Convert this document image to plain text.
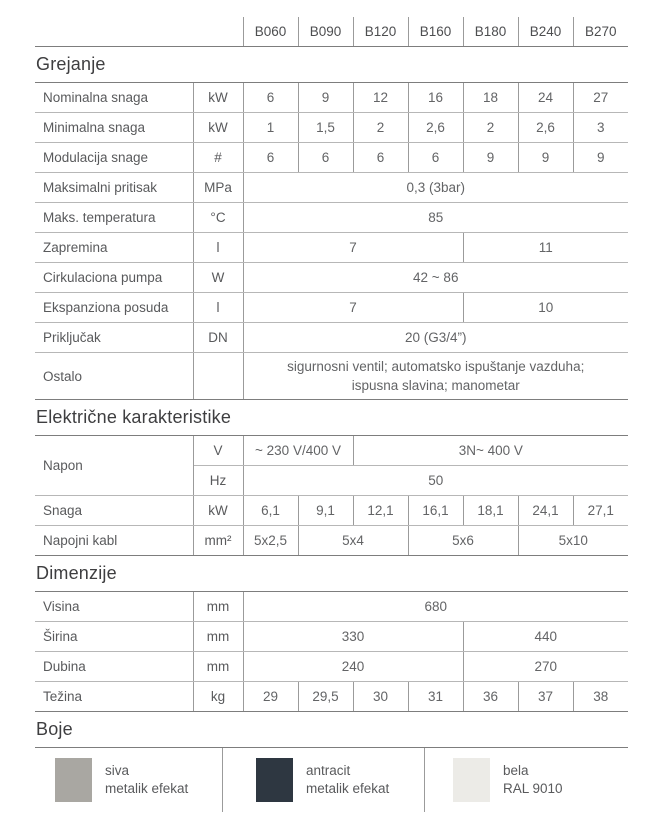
	B060	B090	B120	B160	B180	B240	B270
Grejanje
Nominalna snaga	kW	6	9	12	16	18	24	27
Minimalna snaga	kW	1	1,5	2	2,6	2	2,6	3
Modulacija snage	#	6	6	6	6	9	9	9
Maksimalni pritisak	MPa	0,3 (3bar)						
Maks. temperatura	°C	85						
Zapremina	l	7				11		
Cirkulaciona pumpa	W	42 ~ 86						
Ekspanziona posuda	l	7				10		
Priključak	DN	20 (G3/4”)						
Ostalo		sigurnosni ventil; automatsko ispuštanje vazduha;
ispusna slavina; manometar						
Električne karakteristike
Napon	V	~ 230 V/400 V		3N~ 400 V				
	Hz	50						
Snaga	kW	6,1	9,1	12,1	16,1	18,1	24,1	27,1
Napojni kabl	mm²	5x2,5	5x4		5x6		5x10	
Dimenzije
Visina	mm	680						
Širina	mm	330				440		
Dubina	mm	240				270		
Težina	kg	29	29,5	30	31	36	37	38
Boje
siva
metalik efekat
antracit
metalik efekat
bela
RAL 9010
